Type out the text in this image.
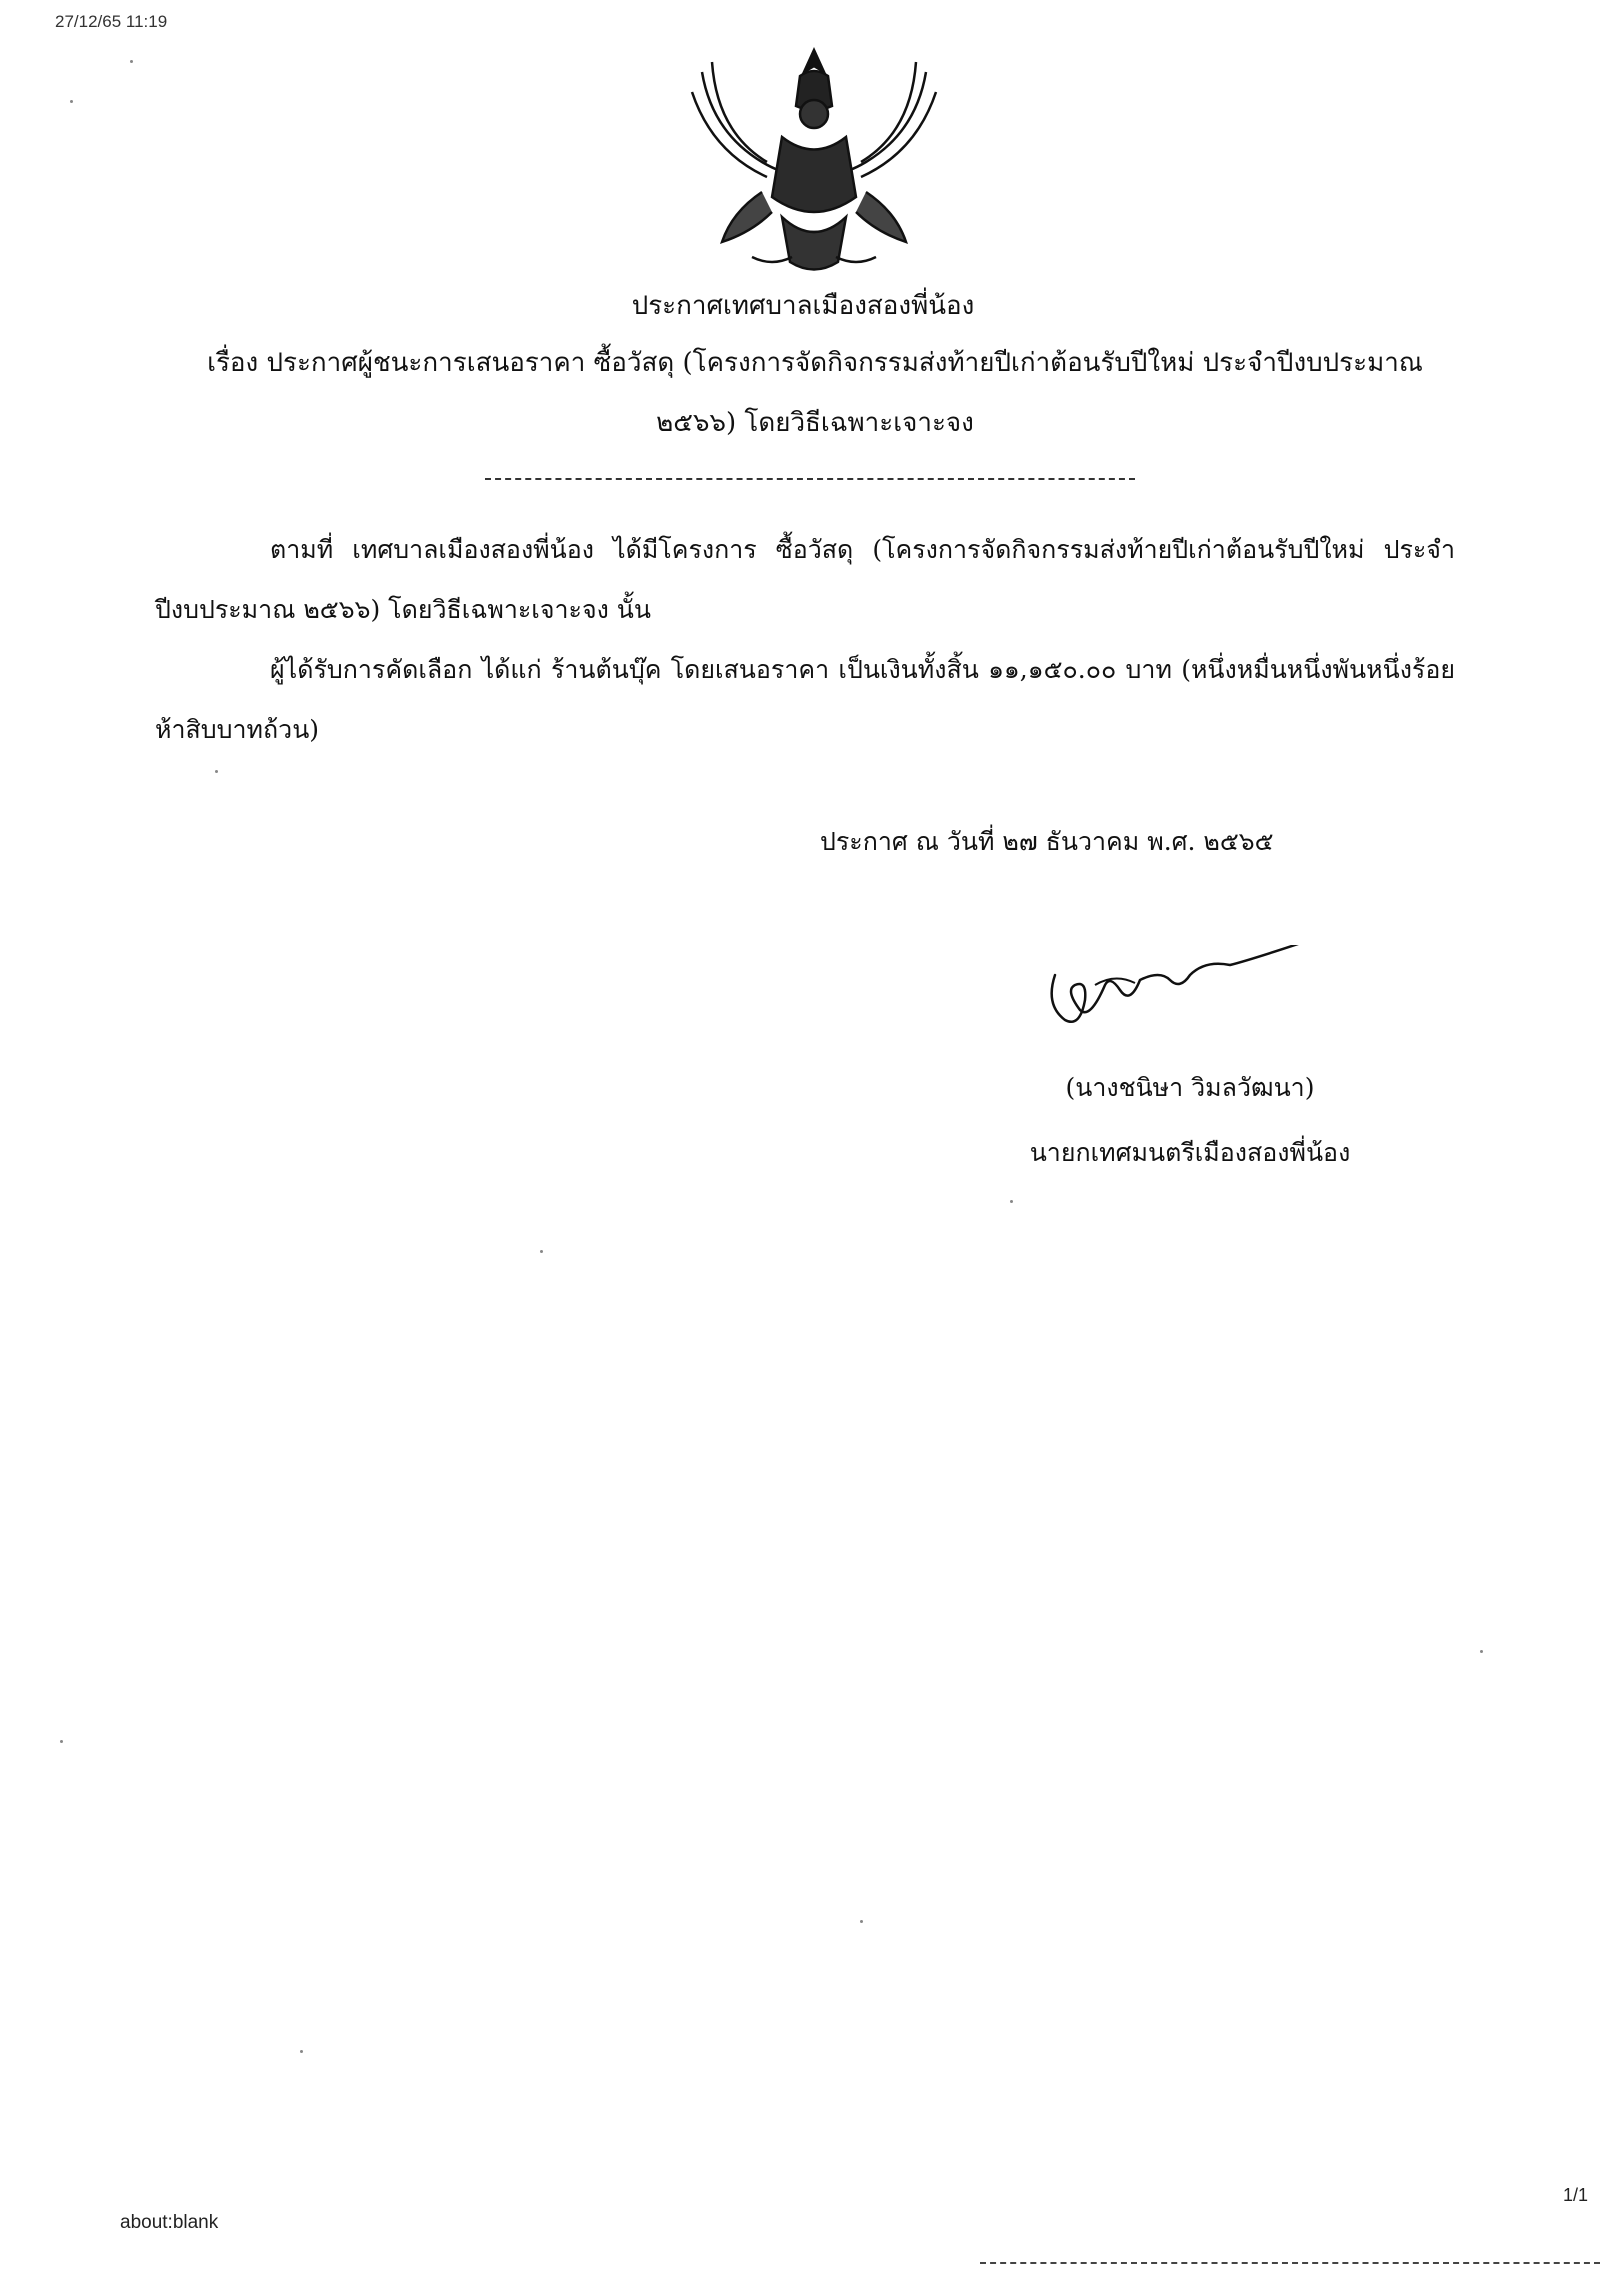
27/12/65 11:19
ประกาศเทศบาลเมืองสองพี่น้อง
เรื่อง ประกาศผู้ชนะการเสนอราคา ซื้อวัสดุ (โครงการจัดกิจกรรมส่งท้ายปีเก่าต้อนรับปีใหม่ ประจำปีงบประมาณ
๒๕๖๖) โดยวิธีเฉพาะเจาะจง

ตามที่ เทศบาลเมืองสองพี่น้อง ได้มีโครงการ ซื้อวัสดุ (โครงการจัดกิจกรรมส่งท้ายปีเก่าต้อนรับปีใหม่ ประจำปีงบประมาณ ๒๕๖๖) โดยวิธีเฉพาะเจาะจง นั้น

ผู้ได้รับการคัดเลือก ได้แก่ ร้านต้นบุ๊ค โดยเสนอราคา เป็นเงินทั้งสิ้น ๑๑,๑๕๐.๐๐ บาท (หนึ่งหมื่นหนึ่งพันหนึ่งร้อยห้าสิบบาทถ้วน)

ประกาศ ณ วันที่ ๒๗ ธันวาคม พ.ศ. ๒๕๖๕
(นางชนิษา วิมลวัฒนา)
นายกเทศมนตรีเมืองสองพี่น้อง
about:blank
1/1
